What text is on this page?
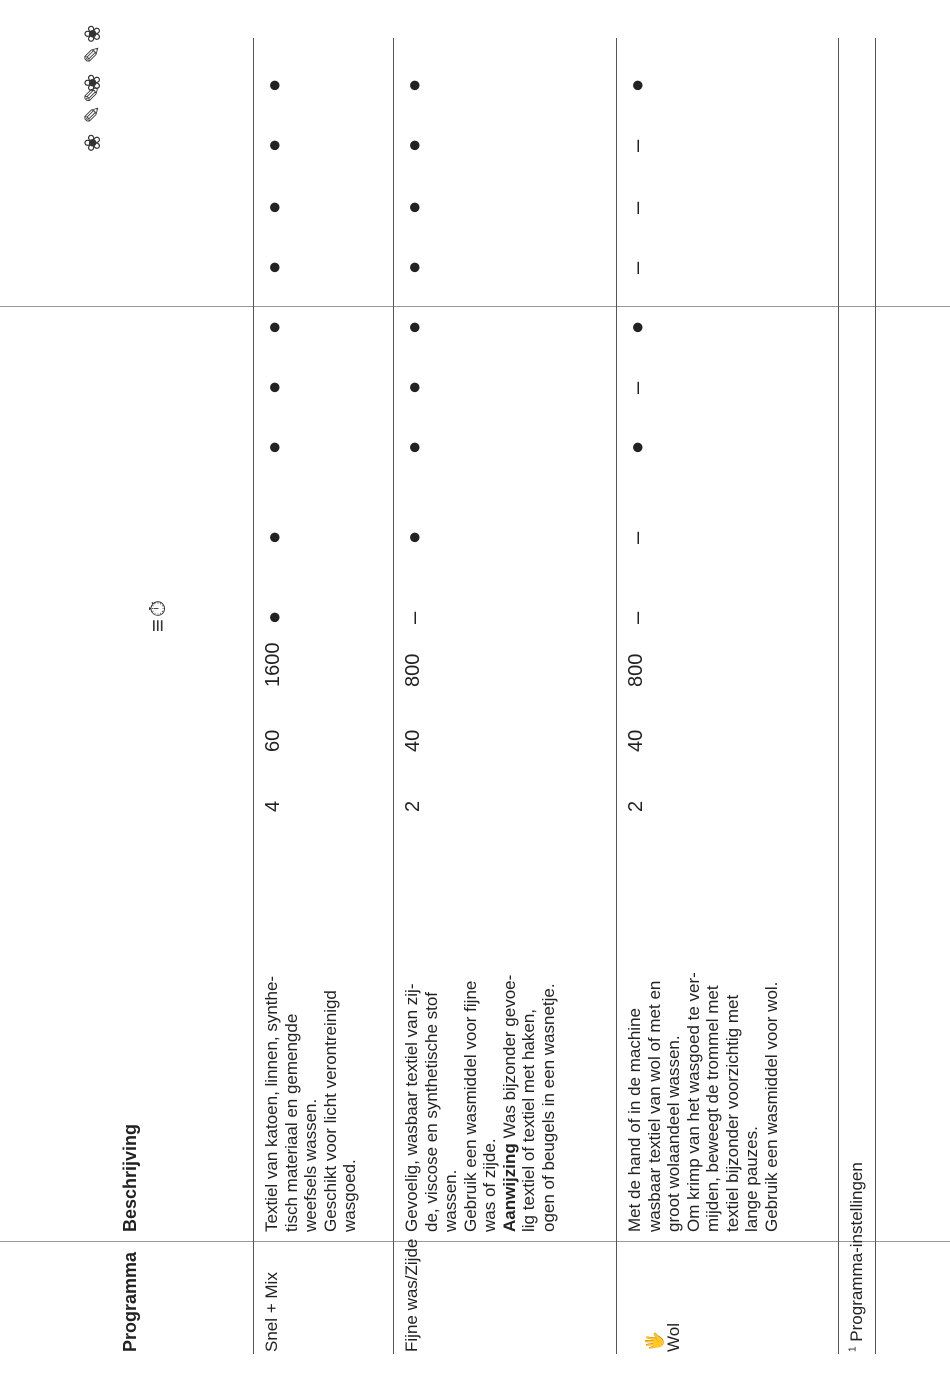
Programma
Beschrijving
≡⏱
❀ ✎✎
❀ ✎❀
Snel + Mix
Textiel van katoen, linnen, synthe-
tisch materiaal en gemengde
weefsels wassen.
Geschikt voor licht verontreinigd
wasgoed.
4
60
1600
●
●
●
●
●
●
●
●
●
Fijne was/Zijde
Gevoelig, wasbaar textiel van zij-
de, viscose en synthetische stof
wassen.
Gebruik een wasmiddel voor fijne
was of zijde. Aanwijzing Was bijzonder gevoe-
lig textiel of textiel met haken,
ogen of beugels in een wasnetje.
2
40
800
–
●
●
●
●
●
●
●
●

🖐
Wol

Met de hand of in de machine
wasbaar textiel van wol of met en
groot wolaandeel wassen.
Om krimp van het wasgoed te ver-
mijden, beweegt de trommel met
textiel bijzonder voorzichtig met
lange pauzes.
Gebruik een wasmiddel voor wol.
2
40
800
–
–
●
–
●
–
–
–
●
$^1$ Programma-instellingen
